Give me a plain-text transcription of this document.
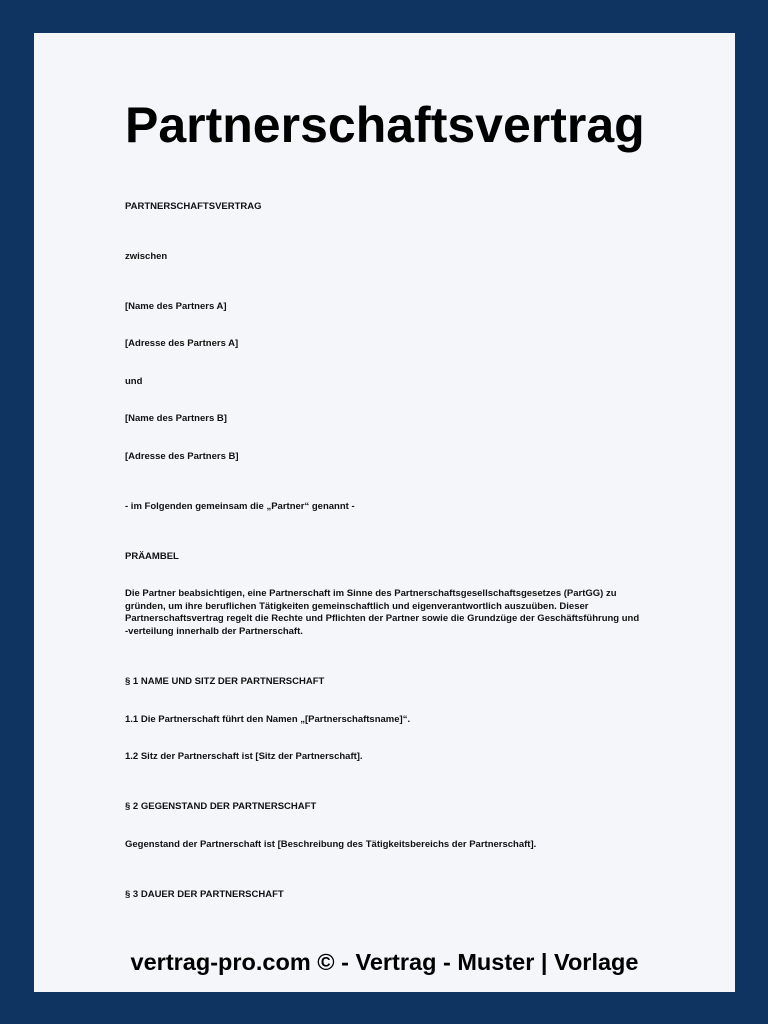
Partnerschaftsvertrag

PARTNERSCHAFTSVERTRAG

zwischen

[Name des Partners A]

[Adresse des Partners A]

und

[Name des Partners B]

[Adresse des Partners B]

- im Folgenden gemeinsam die „Partner“ genannt -

PRÄAMBEL

Die Partner beabsichtigen, eine Partnerschaft im Sinne des Partnerschaftsgesellschaftsgesetzes (PartGG) zu gründen, um ihre beruflichen Tätigkeiten gemeinschaftlich und eigenverantwortlich auszuüben. Dieser Partnerschaftsvertrag regelt die Rechte und Pflichten der Partner sowie die Grundzüge der Geschäftsführung und -verteilung innerhalb der Partnerschaft.

§ 1 NAME UND SITZ DER PARTNERSCHAFT

1.1 Die Partnerschaft führt den Namen „[Partnerschaftsname]“.

1.2 Sitz der Partnerschaft ist [Sitz der Partnerschaft].

§ 2 GEGENSTAND DER PARTNERSCHAFT

Gegenstand der Partnerschaft ist [Beschreibung des Tätigkeitsbereichs der Partnerschaft].

§ 3 DAUER DER PARTNERSCHAFT

vertrag-pro.com © - Vertrag - Muster | Vorlage
